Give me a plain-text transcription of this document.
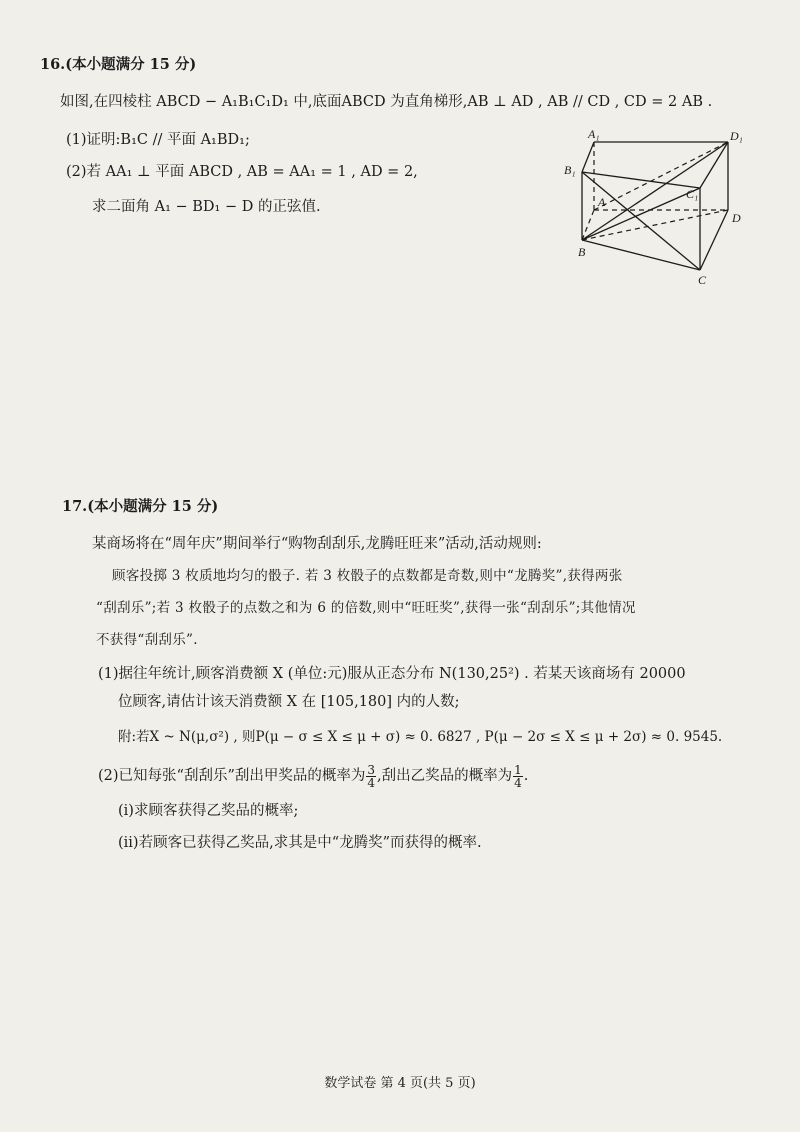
16.(本小题满分 15 分)
如图,在四棱柱 ABCD − A₁B₁C₁D₁ 中,底面ABCD 为直角梯形,AB ⊥ AD , AB // CD , CD = 2 AB .
(1)证明:B₁C // 平面 A₁BD₁;
(2)若 AA₁ ⊥ 平面 ABCD , AB = AA₁ = 1 , AD = 2,
求二面角 A₁ − BD₁ − D 的正弦值.
A₁	D₁
B₁
C₁
A
D
B
C
17.(本小题满分 15 分)
某商场将在“周年庆”期间举行“购物刮刮乐,龙腾旺旺来”活动,活动规则:
顾客投掷 3 枚质地均匀的骰子. 若 3 枚骰子的点数都是奇数,则中“龙腾奖”,获得两张
“刮刮乐”;若 3 枚骰子的点数之和为 6 的倍数,则中“旺旺奖”,获得一张“刮刮乐”;其他情况
不获得“刮刮乐”.
(1)据往年统计,顾客消费额 X (单位:元)服从正态分布 N(130,25²) . 若某天该商场有 20000
位顾客,请估计该天消费额 X 在 [105,180] 内的人数;
附:若X ~ N(μ,σ²) , 则P(μ − σ ≤ X ≤ μ + σ) ≈ 0. 6827 , P(μ − 2σ ≤ X ≤ μ + 2σ) ≈ 0. 9545.
(2)已知每张“刮刮乐”刮出甲奖品的概率为 $\frac{3}{4}$ ,刮出乙奖品的概率为 $\frac{1}{4}$ .
(i)求顾客获得乙奖品的概率;
(ii)若顾客已获得乙奖品,求其是中“龙腾奖”而获得的概率.
数学试卷 第 4 页(共 5 页)
